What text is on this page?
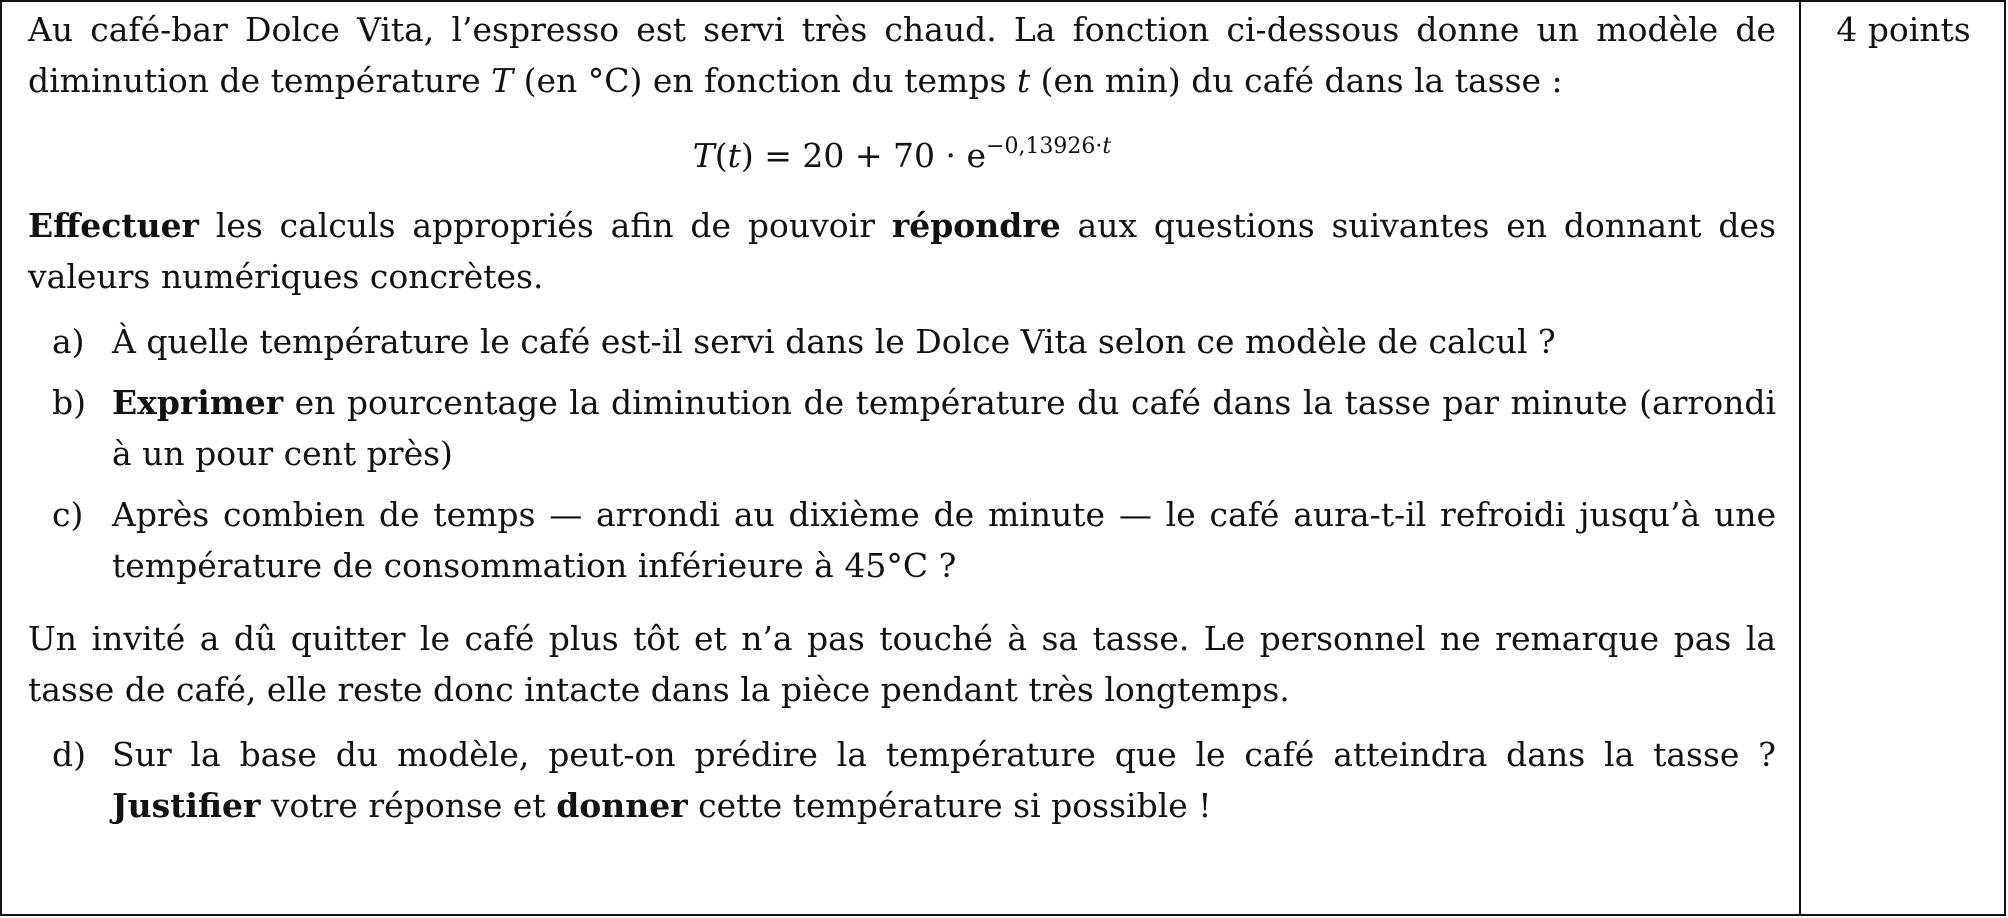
Au café-bar Dolce Vita, l’espresso est servi très chaud. La fonction ci-dessous donne un modèle de diminution de température T (en °C) en fonction du temps t (en min) du café dans la tasse :

$T(t) = 20 + 70 \cdot e^{-0,13926\cdot t}$

Effectuer les calculs appropriés afin de pouvoir répondre aux questions suivantes en donnant des valeurs numériques concrètes.

a) À quelle température le café est-il servi dans le Dolce Vita selon ce modèle de calcul ?
b) Exprimer en pourcentage la diminution de température du café dans la tasse par minute (arrondi à un pour cent près)
c) Après combien de temps — arrondi au dixième de minute — le café aura-t-il refroidi jusqu’à une température de consommation inférieure à 45°C ?

Un invité a dû quitter le café plus tôt et n’a pas touché à sa tasse. Le personnel ne remarque pas la tasse de café, elle reste donc intacte dans la pièce pendant très longtemps.

d) Sur la base du modèle, peut-on prédire la température que le café atteindra dans la tasse ? Justifier votre réponse et donner cette température si possible !
4 points
